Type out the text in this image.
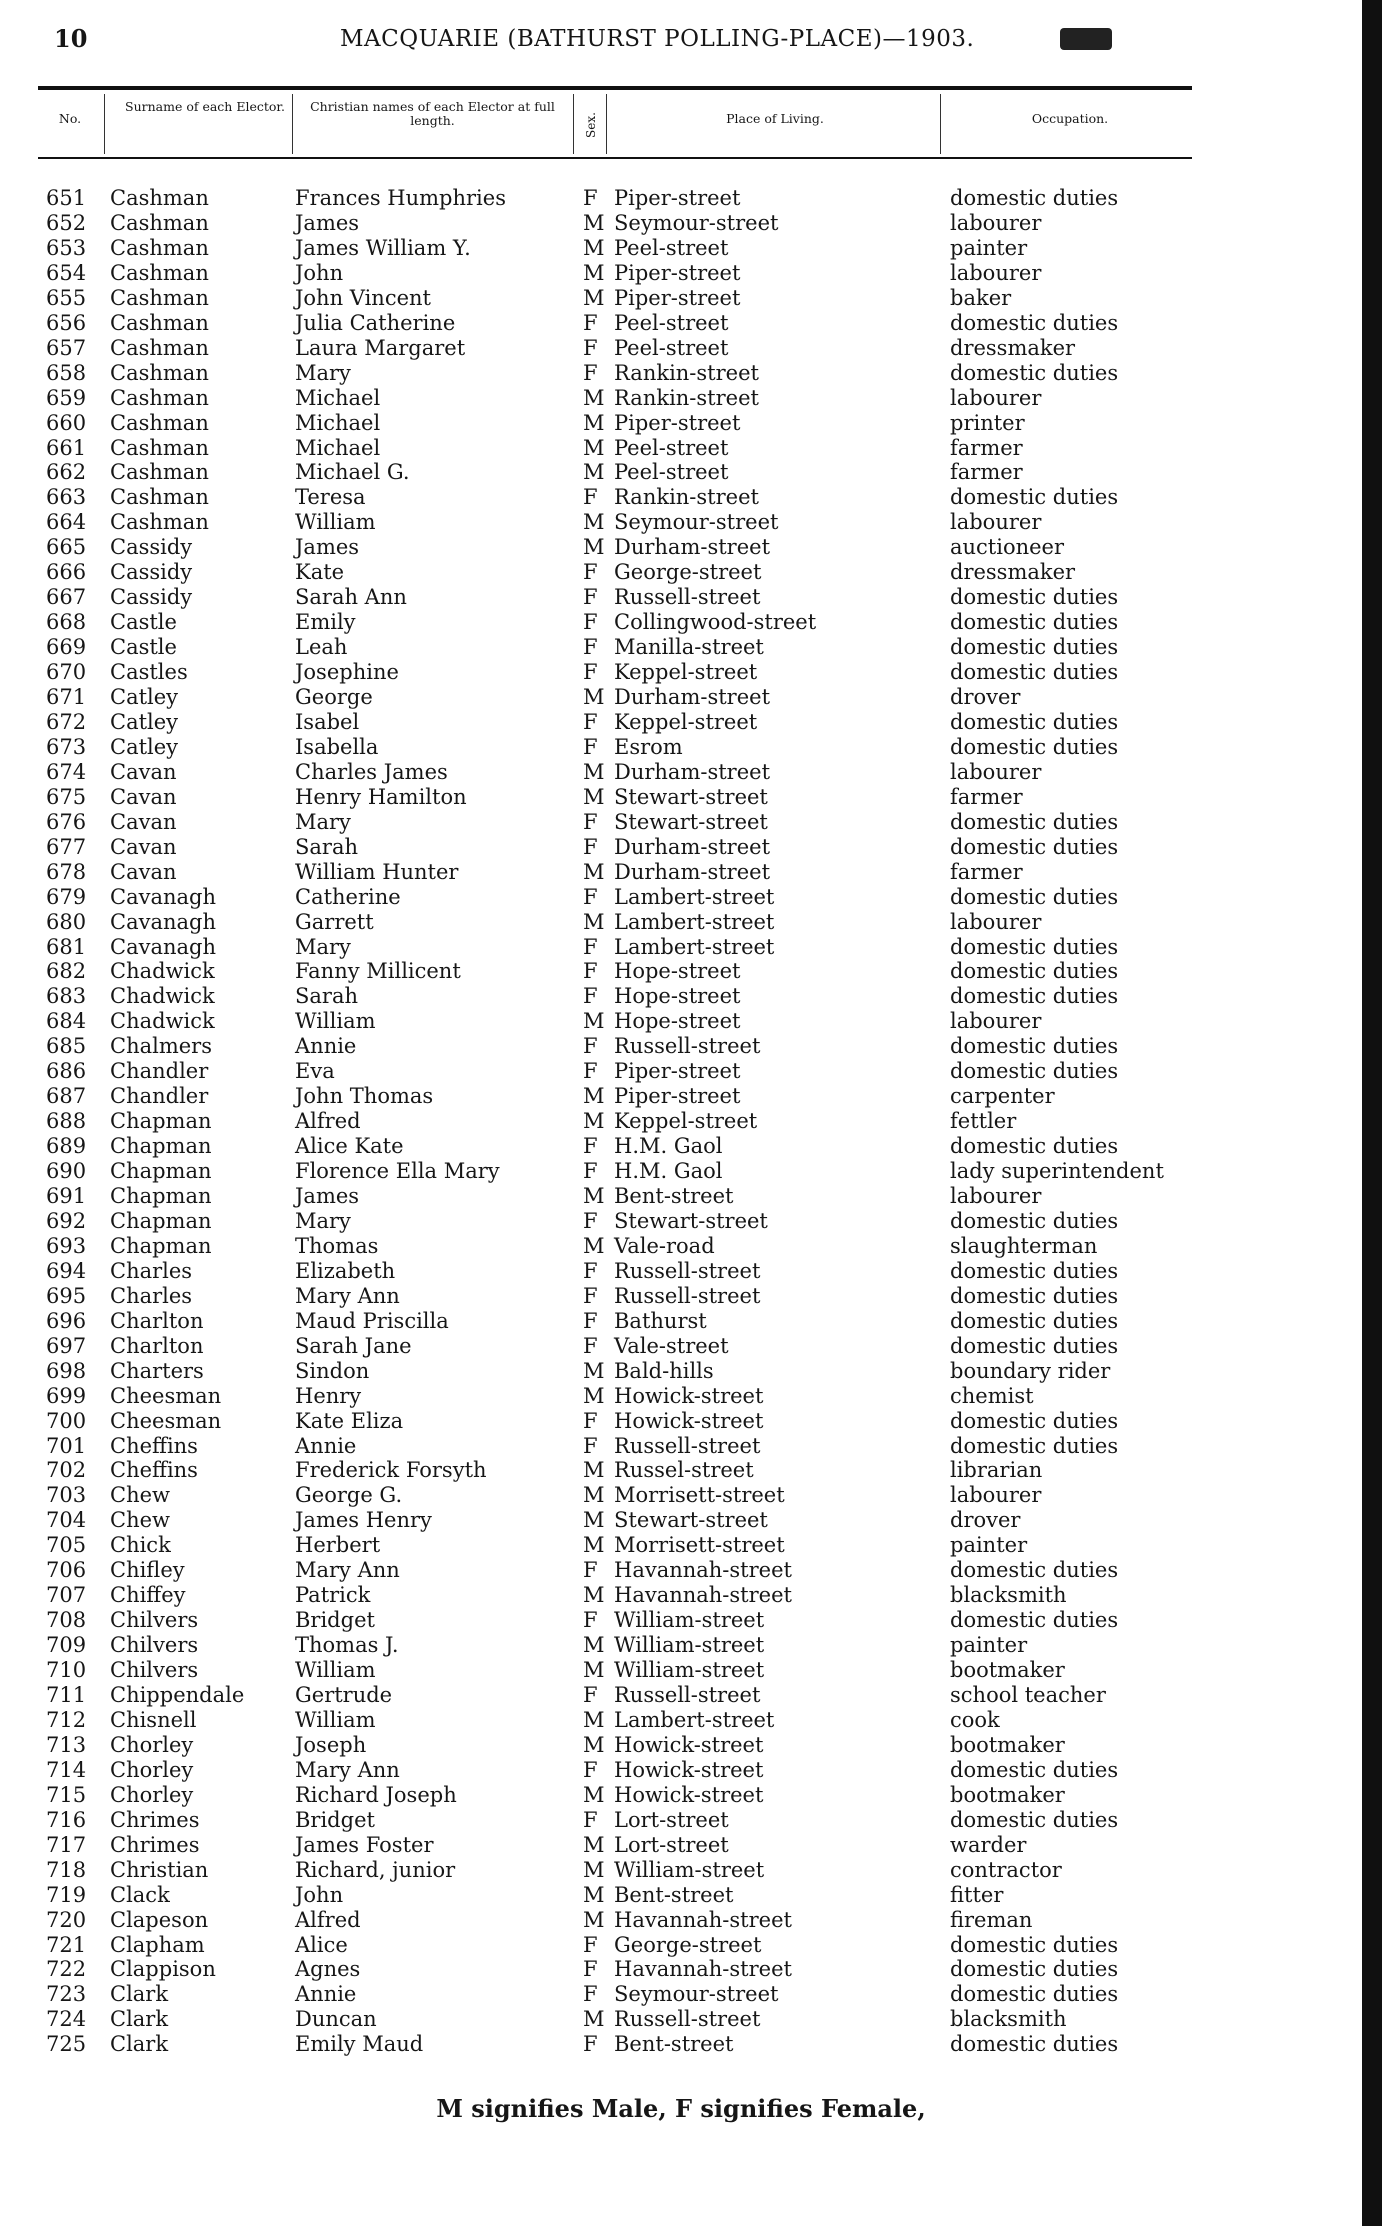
10	MACQUARIE (BATHURST POLLING-PLACE)—1903.
No.
Surname of each Elector.	Christian names of each Elector at full length.	Sex.	Place of Living.	Occupation.
651	Cashman	Frances Humphries	F Piper-street	domestic duties
652	Cashman	James	M Seymour-street	labourer
653	Cashman	James William Y.	M Peel-street	painter
654	Cashman	John	M Piper-street	labourer
655	Cashman	John Vincent	M Piper-street	baker
656	Cashman	Julia Catherine	F Peel-street	domestic duties
657	Cashman	Laura Margaret	F Peel-street	dressmaker
658	Cashman	Mary	F Rankin-street	domestic duties
659	Cashman	Michael	M Rankin-street	labourer
660	Cashman	Michael	M Piper-street	printer
661	Cashman	Michael	M Peel-street	farmer
662	Cashman	Michael G.	M Peel-street	farmer
663	Cashman	Teresa	F Rankin-street	domestic duties
664	Cashman	William	M Seymour-street	labourer
665	Cassidy	James	M Durham-street	auctioneer
666	Cassidy	Kate	F George-street	dressmaker
667	Cassidy	Sarah Ann	F Russell-street	domestic duties
668	Castle	Emily	F Collingwood-street	domestic duties
669	Castle	Leah	F Manilla-street	domestic duties
670	Castles	Josephine	F Keppel-street	domestic duties
671	Catley	George	M Durham-street	drover
672	Catley	Isabel	F Keppel-street	domestic duties
673	Catley	Isabella	F Esrom	domestic duties
674	Cavan	Charles James	M Durham-street	labourer
675	Cavan	Henry Hamilton	M Stewart-street	farmer
676	Cavan	Mary	F Stewart-street	domestic duties
677	Cavan	Sarah	F Durham-street	domestic duties
678	Cavan	William Hunter	M Durham-street	farmer
679	Cavanagh	Catherine	F Lambert-street	domestic duties
680	Cavanagh	Garrett	M Lambert-street	labourer
681	Cavanagh	Mary	F Lambert-street	domestic duties
682	Chadwick	Fanny Millicent	F Hope-street	domestic duties
683	Chadwick	Sarah	F Hope-street	domestic duties
684	Chadwick	William	M Hope-street	labourer
685	Chalmers	Annie	F Russell-street	domestic duties
686	Chandler	Eva	F Piper-street	domestic duties
687	Chandler	John Thomas	M Piper-street	carpenter
688	Chapman	Alfred	M Keppel-street	fettler
689	Chapman	Alice Kate	F H.M. Gaol	domestic duties
690	Chapman	Florence Ella Mary	F H.M. Gaol	lady superintendent
691	Chapman	James	M Bent-street	labourer
692	Chapman	Mary	F Stewart-street	domestic duties
693	Chapman	Thomas	M Vale-road	slaughterman
694	Charles	Elizabeth	F Russell-street	domestic duties
695	Charles	Mary Ann	F Russell-street	domestic duties
696	Charlton	Maud Priscilla	F Bathurst	domestic duties
697	Charlton	Sarah Jane	F Vale-street	domestic duties
698	Charters	Sindon	M Bald-hills	boundary rider
699	Cheesman	Henry	M Howick-street	chemist
700	Cheesman	Kate Eliza	F Howick-street	domestic duties
701	Cheffins	Annie	F Russell-street	domestic duties
702	Cheffins	Frederick Forsyth	M Russel-street	librarian
703	Chew	George G.	M Morrisett-street	labourer
704	Chew	James Henry	M Stewart-street	drover
705	Chick	Herbert	M Morrisett-street	painter
706	Chifley	Mary Ann	F Havannah-street	domestic duties
707	Chiffey	Patrick	M Havannah-street	blacksmith
708	Chilvers	Bridget	F William-street	domestic duties
709	Chilvers	Thomas J.	M William-street	painter
710	Chilvers	William	M William-street	bootmaker
711	Chippendale	Gertrude	F Russell-street	school teacher
712	Chisnell	William	M Lambert-street	cook
713	Chorley	Joseph	M Howick-street	bootmaker
714	Chorley	Mary Ann	F Howick-street	domestic duties
715	Chorley	Richard Joseph	M Howick-street	bootmaker
716	Chrimes	Bridget	F Lort-street	domestic duties
717	Chrimes	James Foster	M Lort-street	warder
718	Christian	Richard, junior	M William-street	contractor
719	Clack	John	M Bent-street	fitter
720	Clapeson	Alfred	M Havannah-street	fireman
721	Clapham	Alice	F George-street	domestic duties
722	Clappison	Agnes	F Havannah-street	domestic duties
723	Clark	Annie	F Seymour-street	domestic duties
724	Clark	Duncan	M Russell-street	blacksmith
725	Clark	Emily Maud	F Bent-street	domestic duties
M signifies Male, F signifies Female,
